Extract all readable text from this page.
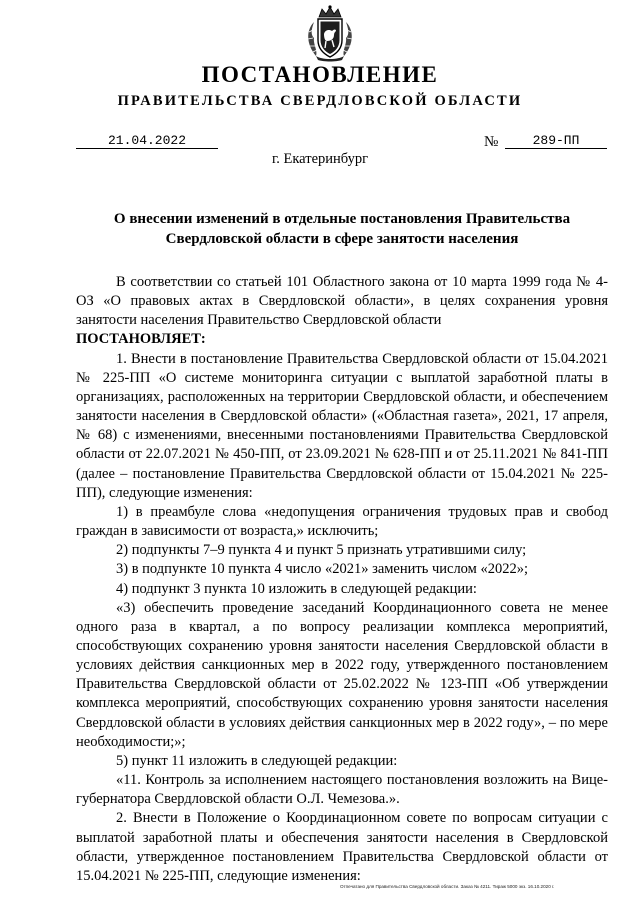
ПОСТАНОВЛЕНИЕ
ПРАВИТЕЛЬСТВА СВЕРДЛОВСКОЙ ОБЛАСТИ
21.04.2022	№	289-ПП
г. Екатеринбург
О внесении изменений в отдельные постановления Правительства Свердловской области в сфере занятости населения

В соответствии со статьей 101 Областного закона от 10 марта 1999 года № 4-ОЗ «О правовых актах в Свердловской области», в целях сохранения уровня занятости населения Правительство Свердловской области

ПОСТАНОВЛЯЕТ:

1. Внести в постановление Правительства Свердловской области от 15.04.2021 № 225-ПП «О системе мониторинга ситуации с выплатой заработной платы в организациях, расположенных на территории Свердловской области, и обеспечением занятости населения в Свердловской области» («Областная газета», 2021, 17 апреля, № 68) с изменениями, внесенными постановлениями Правительства Свердловской области от 22.07.2021 № 450-ПП, от 23.09.2021 № 628-ПП и от 25.11.2021 № 841-ПП (далее – постановление Правительства Свердловской области от 15.04.2021 № 225-ПП), следующие изменения:

1) в преамбуле слова «недопущения ограничения трудовых прав и свобод граждан в зависимости от возраста,» исключить;

2) подпункты 7–9 пункта 4 и пункт 5 признать утратившими силу;

3) в подпункте 10 пункта 4 число «2021» заменить числом «2022»;

4) подпункт 3 пункта 10 изложить в следующей редакции:

«3) обеспечить проведение заседаний Координационного совета не менее одного раза в квартал, а по вопросу реализации комплекса мероприятий, способствующих сохранению уровня занятости населения Свердловской области в условиях действия санкционных мер в 2022 году, утвержденного постановлением Правительства Свердловской области от 25.02.2022 № 123-ПП «Об утверждении комплекса мероприятий, способствующих сохранению уровня занятости населения Свердловской области в условиях действия санкционных мер в 2022 году», – по мере необходимости;»;

5) пункт 11 изложить в следующей редакции:

«11. Контроль за исполнением настоящего постановления возложить на Вице-губернатора Свердловской области О.Л. Чемезова.».

2. Внести в Положение о Координационном совете по вопросам ситуации с выплатой заработной платы и обеспечения занятости населения в Свердловской области, утвержденное постановлением Правительства Свердловской области от 15.04.2021 № 225-ПП, следующие изменения:

Отпечатано для Правительства Свердловской области. Заказ № 4211. Тираж 5000 экз. 16.10.2020 г.
